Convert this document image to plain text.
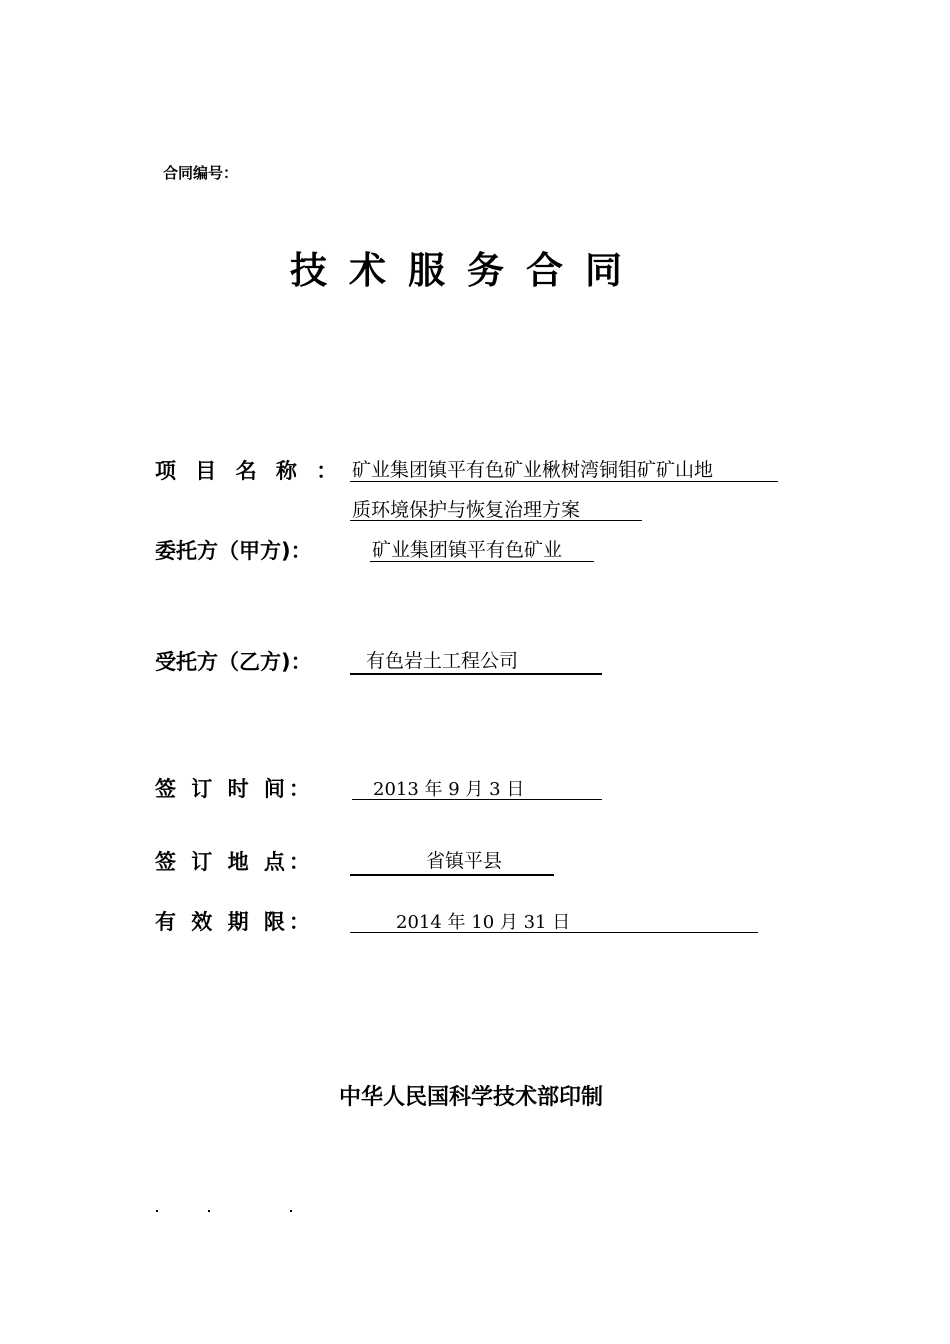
合同编号：
技术服务合同
项 目 名 称 ： 矿业集团镇平有色矿业楸树湾铜钼矿矿山地
质环境保护与恢复治理方案
委托方（甲方)：	矿业集团镇平有色矿业
受托方（乙方)：	有色岩土工程公司
签 订 时 间：	2013 年 9 月 3 日
签 订 地 点：	省镇平县
有 效 期 限：	2014 年 10 月 31 日
中华人民国科学技术部印制
